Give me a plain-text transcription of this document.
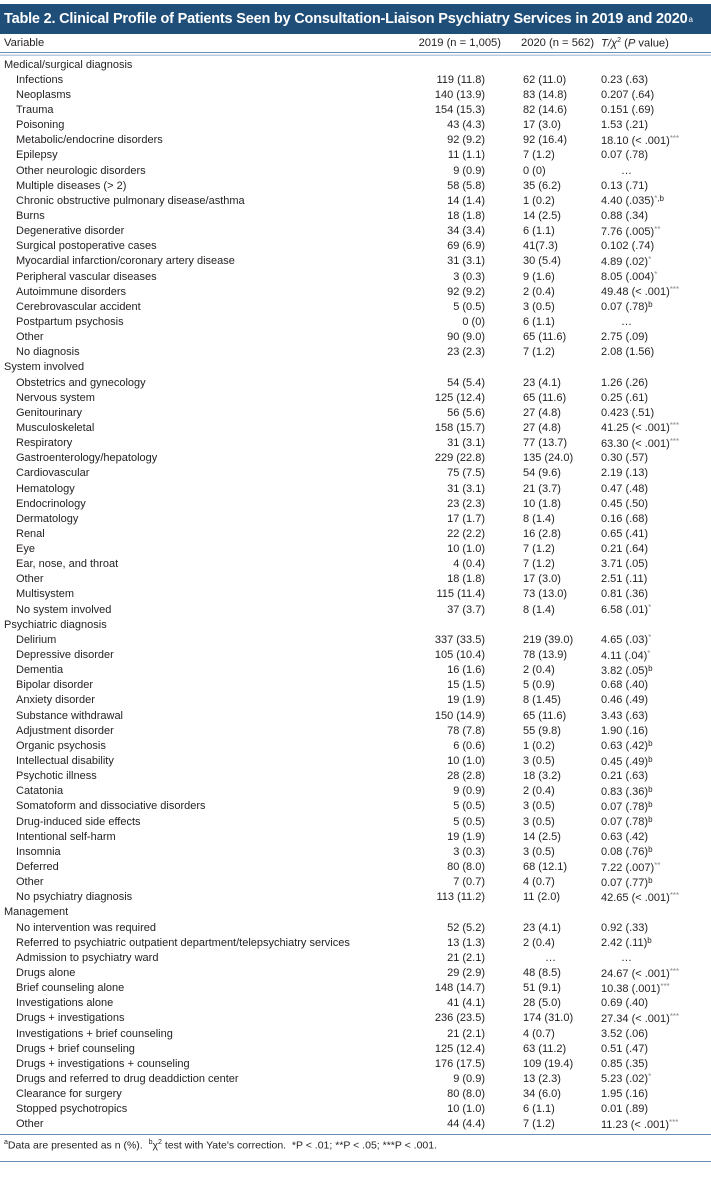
Table 2. Clinical Profile of Patients Seen by Consultation-Liaison Psychiatry Services in 2019 and 2020 a
Variable	2019 (n = 1,005)	2020 (n = 562) $T/\chi^2$ (P value)
Medical/surgical diagnosis
Infections	119 (11.8)	62 (11.0)	0.23 (.63)
Neoplasms	140 (13.9)	83 (14.8)	0.207 (.64)
Trauma	154 (15.3)	82 (14.6)	0.151 (.69)
Poisoning	43 (4.3)	17 (3.0)	1.53 (.21)
Metabolic/endocrine disorders	92 (9.2)	92 (16.4)	18.10 (< .001)***
Epilepsy	11 (1.1)	7 (1.2)	0.07 (.78)
Other neurologic disorders	9 (0.9)	0 (0)	…
Multiple diseases (> 2)	58 (5.8)	35 (6.2)	0.13 (.71)
Chronic obstructive pulmonary disease/asthma	14 (1.4)	1 (0.2)	4.40 $(.035)^{*,b}$
Burns	18 (1.8)	14 (2.5)	0.88 (.34)
Degenerative disorder	34 (3.4)	6 (1.1)	7.76 (.005)**
Surgical postoperative cases	69 (6.9)	41(7.3)	0.102 (.74)
Myocardial infarction/coronary artery disease	31 (3.1)	30 (5.4)	4.89 (.02)*
Peripheral vascular diseases	3 (0.3)	9 (1.6)	8.05 (.004)*
Autoimmune disorders	92 (9.2)	2 (0.4)	49.48 (< .001)***
Cerebrovascular accident	5 (0.5)	3 (0.5)	0.07 $(.78)^b$
Postpartum psychosis	0 (0)	6 (1.1)	…
Other	90 (9.0)	65 (11.6)	2.75 (.09)
No diagnosis	23 (2.3)	7 (1.2)	2.08 (1.56)
System involved
Obstetrics and gynecology	54 (5.4)	23 (4.1)	1.26 (.26)
Nervous system	125 (12.4)	65 (11.6)	0.25 (.61)
Genitourinary	56 (5.6)	27 (4.8)	0.423 (.51)
Musculoskeletal	158 (15.7)	27 (4.8)	41.25 (< .001)***
Respiratory	31 (3.1)	77 (13.7)	63.30 (< .001)***
Gastroenterology/hepatology	229 (22.8)	135 (24.0)	0.30 (.57)
Cardiovascular	75 (7.5)	54 (9.6)	2.19 (.13)
Hematology	31 (3.1)	21 (3.7)	0.47 (.48)
Endocrinology	23 (2.3)	10 (1.8)	0.45 (.50)
Dermatology	17 (1.7)	8 (1.4)	0.16 (.68)
Renal	22 (2.2)	16 (2.8)	0.65 (.41)
Eye	10 (1.0)	7 (1.2)	0.21 (.64)
Ear, nose, and throat	4 (0.4)	7 (1.2)	3.71 (.05)
Other	18 (1.8)	17 (3.0)	2.51 (.11)
Multisystem	115 (11.4)	73 (13.0)	0.81 (.36)
No system involved	37 (3.7)	8 (1.4)	6.58 (.01)*
Psychiatric diagnosis
Delirium	337 (33.5)	219 (39.0)	4.65 (.03)*
Depressive disorder	105 (10.4)	78 (13.9)	4.11 (.04)*
Dementia	16 (1.6)	2 (0.4)	3.82 $(.05)^b$
Bipolar disorder	15 (1.5)	5 (0.9)	0.68 (.40)
Anxiety disorder	19 (1.9)	8 (1.45)	0.46 (.49)
Substance withdrawal	150 (14.9)	65 (11.6)	3.43 (.63)
Adjustment disorder	78 (7.8)	55 (9.8)	1.90 (.16)
Organic psychosis	6 (0.6)	1 (0.2)	0.63 $(.42)^b$
Intellectual disability	10 (1.0)	3 (0.5)	0.45 $(.49)^b$
Psychotic illness	28 (2.8)	18 (3.2)	0.21 (.63)
Catatonia	9 (0.9)	2 (0.4)	0.83 $(.36)^b$
Somatoform and dissociative disorders	5 (0.5)	3 (0.5)	0.07 $(.78)^b$
Drug-induced side effects	5 (0.5)	3 (0.5)	0.07 $(.78)^b$
Intentional self-harm	19 (1.9)	14 (2.5)	0.63 (.42)
Insomnia	3 (0.3)	3 (0.5)	0.08 $(.76)^b$
Deferred	80 (8.0)	68 (12.1)	7.22 (.007)**
Other	7 (0.7)	4 (0.7)	0.07 $(.77)^b$
No psychiatry diagnosis	113 (11.2)	11 (2.0)	42.65 (< .001)***
Management
No intervention was required	52 (5.2)	23 (4.1)	0.92 (.33)
Referred to psychiatric outpatient department/telepsychiatry services	13 (1.3)	2 (0.4)	2.42 $(.11)^b$
Admission to psychiatry ward	21 (2.1)	…	…
Drugs alone	29 (2.9)	48 (8.5)	24.67 (< .001)***
Brief counseling alone	148 (14.7)	51 (9.1)	10.38 (.001)***
Investigations alone	41 (4.1)	28 (5.0)	0.69 (.40)
Drugs + investigations	236 (23.5)	174 (31.0)	27.34 (< .001)***
Investigations + brief counseling	21 (2.1)	4 (0.7)	3.52 (.06)
Drugs + brief counseling	125 (12.4)	63 (11.2)	0.51 (.47)
Drugs + investigations + counseling	176 (17.5)	109 (19.4)	0.85 (.35)
Drugs and referred to drug deaddiction center	9 (0.9)	13 (2.3)	5.23 (.02)*
Clearance for surgery	80 (8.0)	34 (6.0)	1.95 (.16)
Stopped psychotropics	10 (1.0)	6 (1.1)	0.01 (.89)
Other	44 (4.4)	7 (1.2)	11.23 (< .001)***
$^a$Data are presented as n (%). $^b\chi^2$ test with Yate's correction. *P < .01; **P < .05; ***P < .001.
